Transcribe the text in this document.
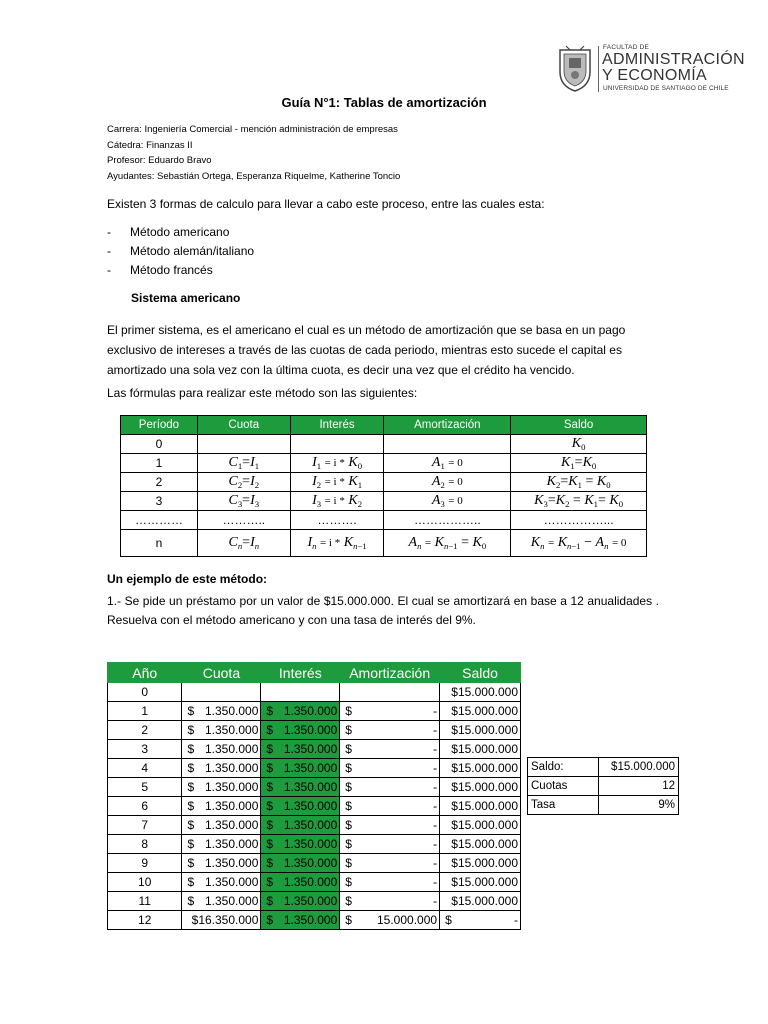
FACULTAD DE
ADMINISTRACIÓN
Y ECONOMÍA
UNIVERSIDAD DE SANTIAGO DE CHILE
Guía N°1: Tablas de amortización
Carrera: Ingeniería Comercial - mención administración de empresas
Cátedra: Finanzas II
Profesor: Eduardo Bravo
Ayudantes: Sebastián Ortega, Esperanza Riquelme, Katherine Toncio
Existen 3 formas de calculo para llevar a cabo este proceso, entre las cuales esta:
- Método americano
- Método alemán/italiano
- Método francés
Sistema americano
El primer sistema, es el americano el cual es un método de amortización que se basa en un pago exclusivo de intereses a través de las cuotas de cada periodo, mientras esto sucede el capital es amortizado una sola vez con la última cuota, es decir una vez que el crédito ha vencido.
Las fórmulas para realizar este método son las siguientes:
Período	Cuota	Interés	Amortización	Saldo
0				$K_0$
1	$C_1=I_1$	$I_1 = i * K_0$	$A_1 = 0$	$K_1=K_0$
2	$C_2=I_2$	$I_2 = i * K_1$	$A_2 = 0$	$K_2=K_1 = K_0$
3	$C_3=I_3$	$I_3 = i * K_2$	$A_3 = 0$	$K_3=K_2 = K_1= K_0$
…………	………..	……….	……………..	……………...
n	$C_n=I_n$	$I_n = i * K_{n-1}$	$A_n = K_{n-1} = K_0$	$K_n = K_{n-1} - A_n = 0$
Un ejemplo de este método:
1.- Se pide un préstamo por un valor de $15.000.000. El cual se amortizará en base a 12 anualidades . Resuelva con el método americano y con una tasa de interés del 9%.
Año	Cuota	Interés	Amortización	Saldo
0				$15.000.000
1	$ 1.350.000	$ 1.350.000	$ -	$15.000.000
2	$ 1.350.000	$ 1.350.000	$ -	$15.000.000
3	$ 1.350.000	$ 1.350.000	$ -	$15.000.000
4	$ 1.350.000	$ 1.350.000	$ -	$15.000.000
5	$ 1.350.000	$ 1.350.000	$ -	$15.000.000
6	$ 1.350.000	$ 1.350.000	$ -	$15.000.000
7	$ 1.350.000	$ 1.350.000	$ -	$15.000.000
8	$ 1.350.000	$ 1.350.000	$ -	$15.000.000
9	$ 1.350.000	$ 1.350.000	$ -	$15.000.000
10	$ 1.350.000	$ 1.350.000	$ -	$15.000.000
11	$ 1.350.000	$ 1.350.000	$ -	$15.000.000
12	$16.350.000	$ 1.350.000	$ 15.000.000	$ -
Saldo:	$15.000.000
Cuotas	12
Tasa	9%
